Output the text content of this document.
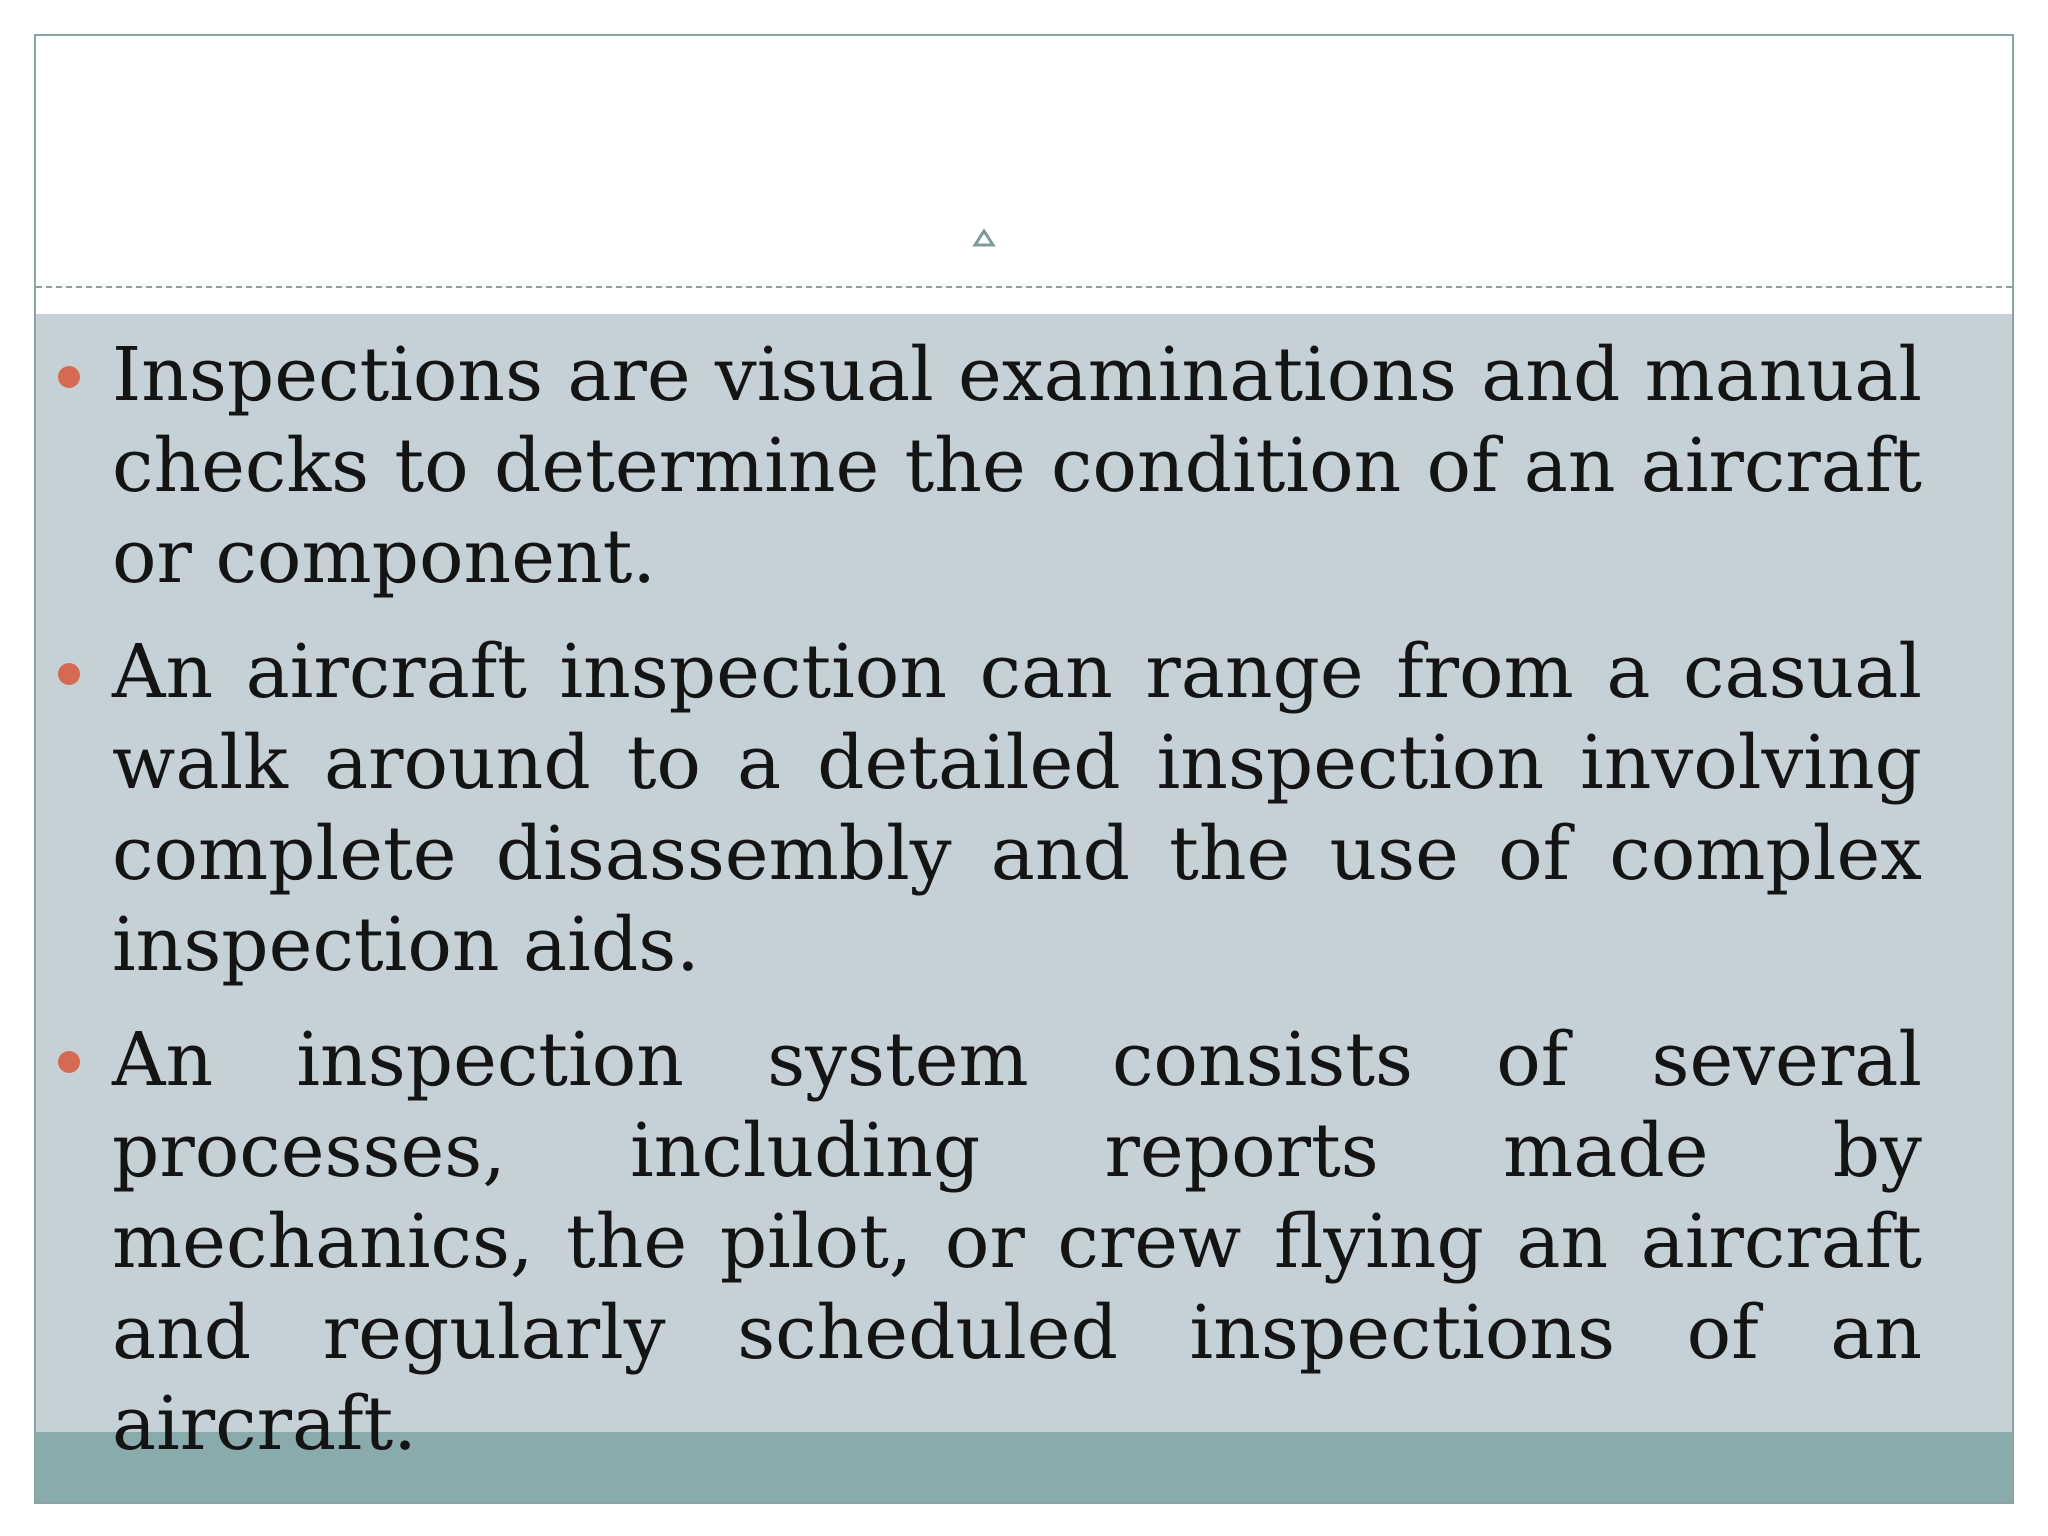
Inspections are visual examinations and manual checks to determine the condition of an aircraft or component.
An aircraft inspection can range from a casual walk around to a detailed inspection involving complete disassembly and the use of complex inspection aids.
An inspection system consists of several processes, including reports made by mechanics, the pilot, or crew flying an aircraft and regularly scheduled inspections of an aircraft.
